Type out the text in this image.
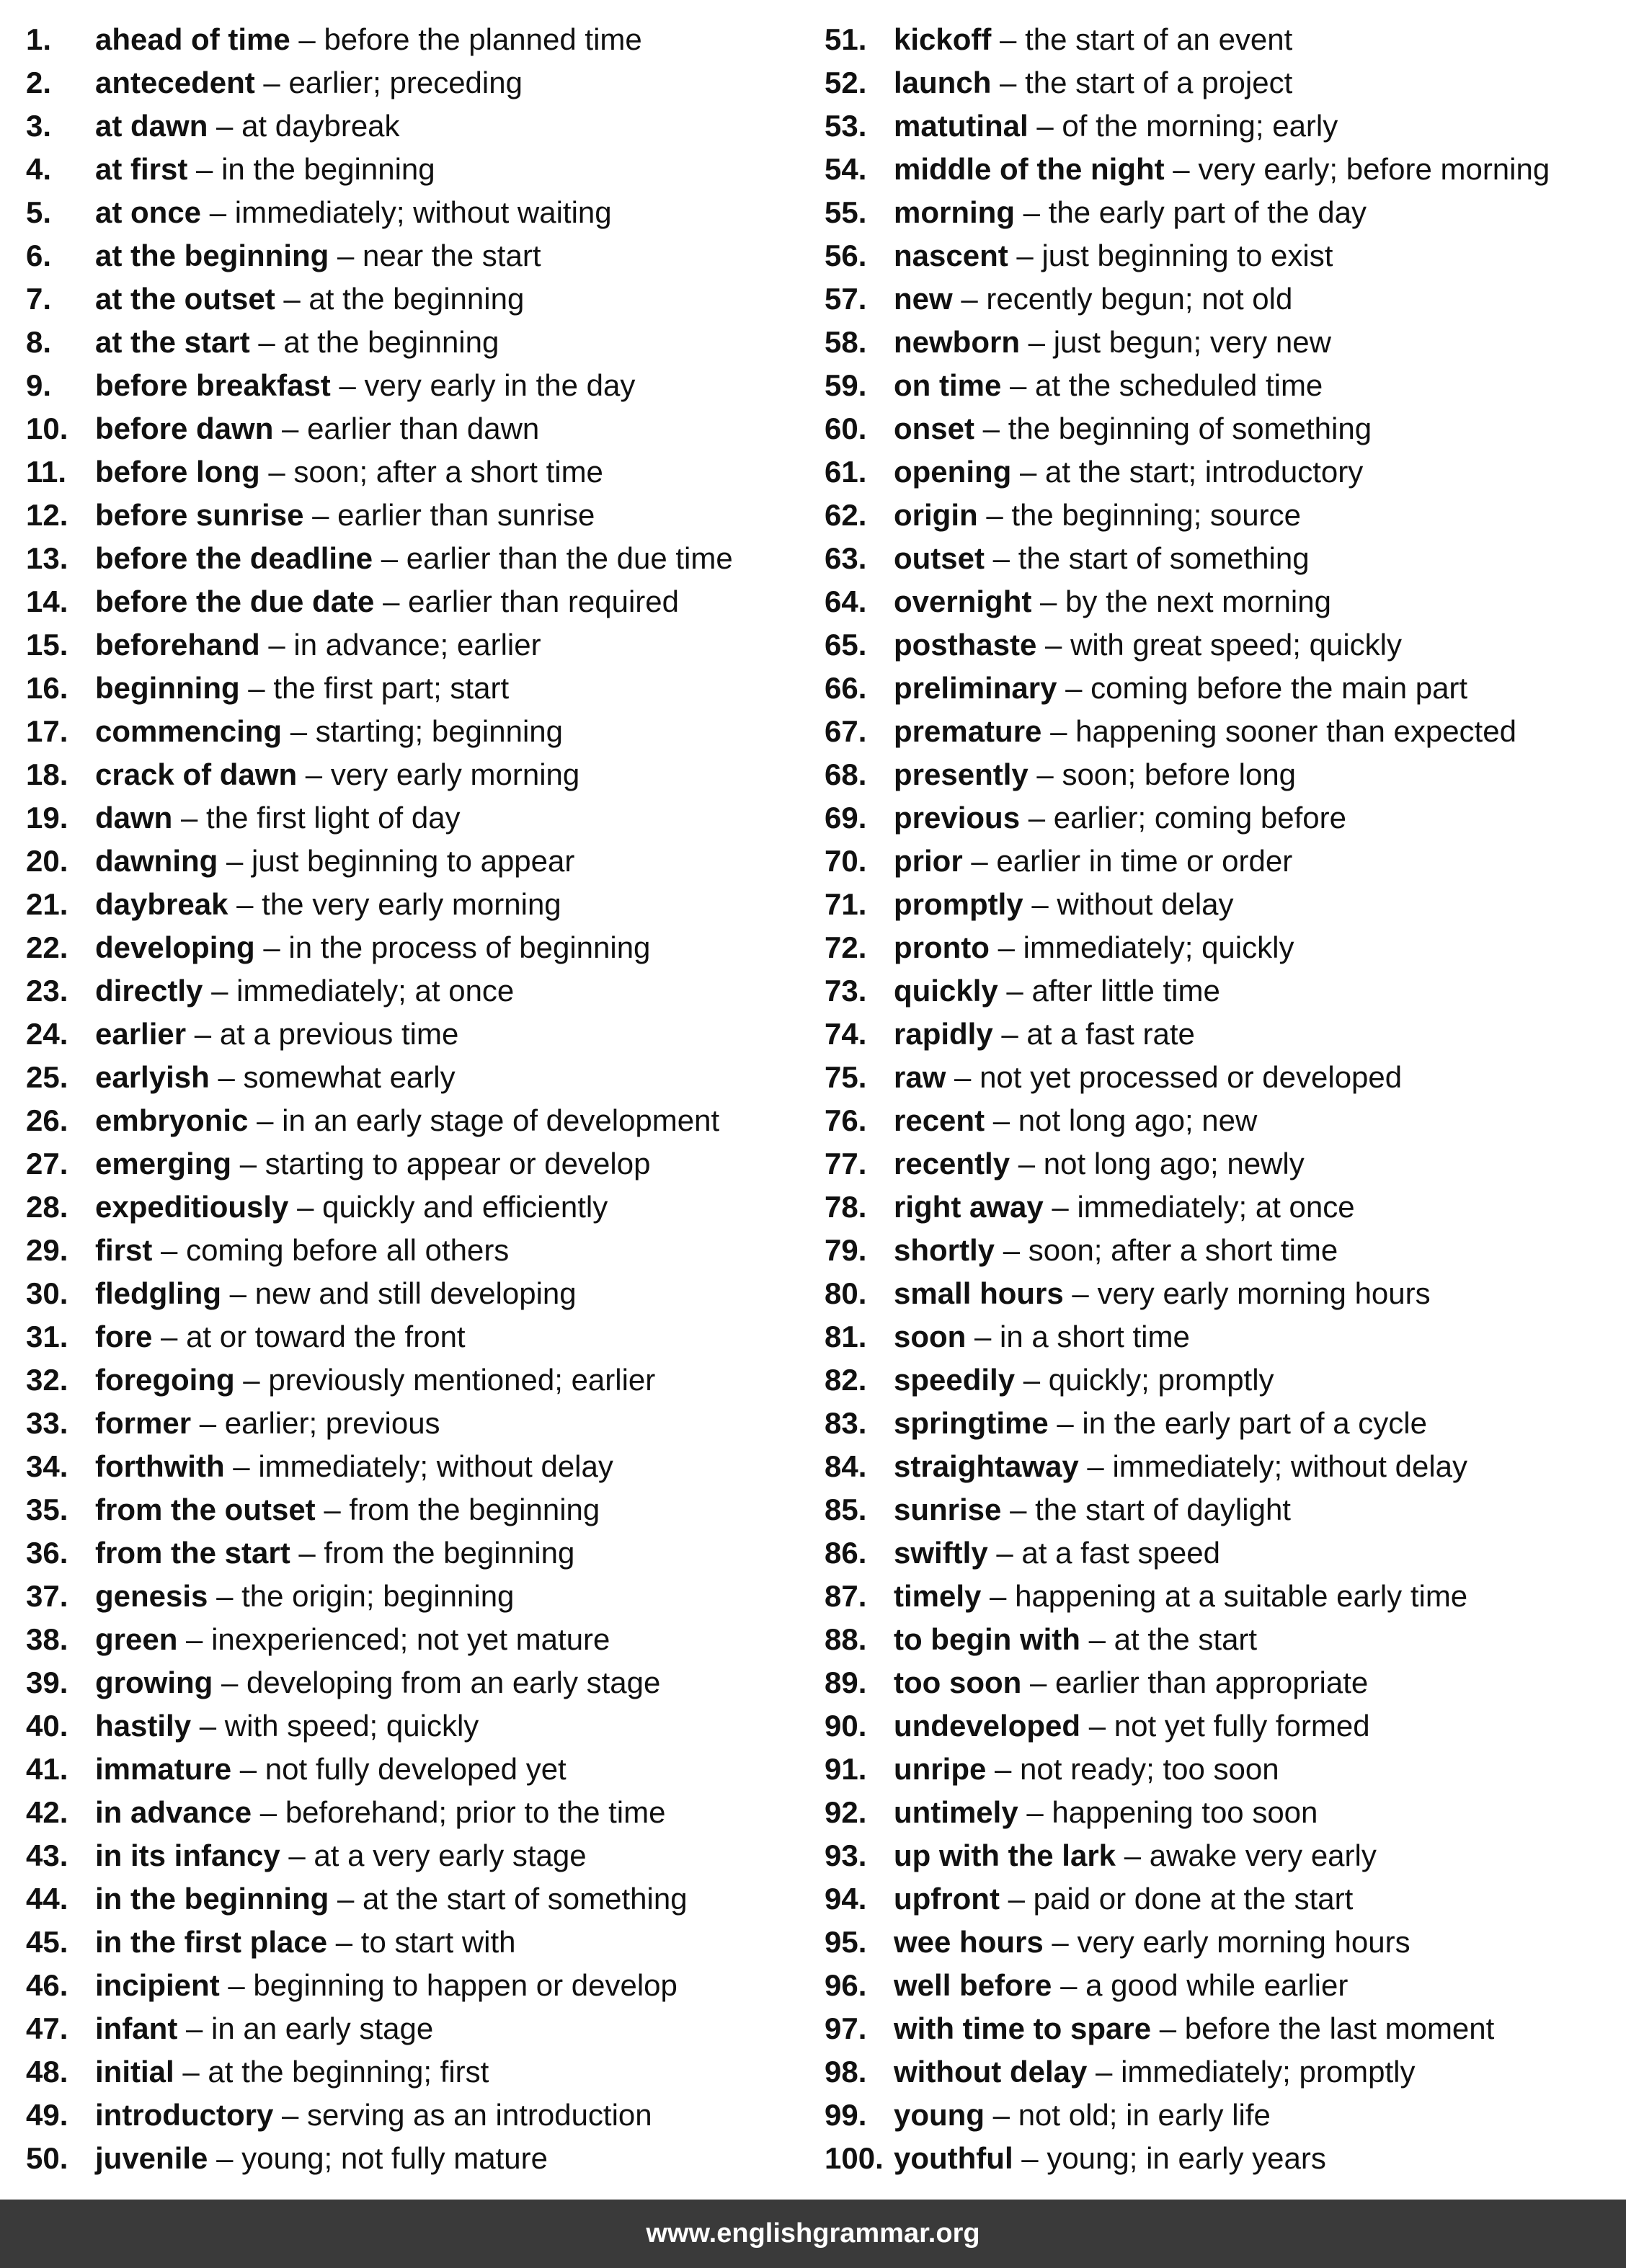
1.	ahead of time – before the planned time
2.	antecedent – earlier; preceding
3.	at dawn – at daybreak
4.	at first – in the beginning
5.	at once – immediately; without waiting
6.	at the beginning – near the start
7.	at the outset – at the beginning
8.	at the start – at the beginning
9.	before breakfast – very early in the day
10. before dawn – earlier than dawn
11. before long – soon; after a short time
12. before sunrise – earlier than sunrise
13. before the deadline – earlier than the due time
14. before the due date – earlier than required
15. beforehand – in advance; earlier
16. beginning – the first part; start
17. commencing – starting; beginning
18. crack of dawn – very early morning
19. dawn – the first light of day
20. dawning – just beginning to appear
21. daybreak – the very early morning
22. developing – in the process of beginning
23. directly – immediately; at once
24. earlier – at a previous time
25. earlyish – somewhat early
26. embryonic – in an early stage of development
27. emerging – starting to appear or develop
28. expeditiously – quickly and efficiently
29. first – coming before all others
30. fledgling – new and still developing
31. fore – at or toward the front
32. foregoing – previously mentioned; earlier
33. former – earlier; previous
34. forthwith – immediately; without delay
35. from the outset – from the beginning
36. from the start – from the beginning
37. genesis – the origin; beginning
38. green – inexperienced; not yet mature
39. growing – developing from an early stage
40. hastily – with speed; quickly
41. immature – not fully developed yet
42. in advance – beforehand; prior to the time
43. in its infancy – at a very early stage
44. in the beginning – at the start of something
45. in the first place – to start with
46. incipient – beginning to happen or develop
47. infant – in an early stage
48. initial – at the beginning; first
49. introductory – serving as an introduction
50. juvenile – young; not fully mature
51. kickoff – the start of an event
52. launch – the start of a project
53. matutinal – of the morning; early
54. middle of the night – very early; before morning
55. morning – the early part of the day
56. nascent – just beginning to exist
57. new – recently begun; not old
58. newborn – just begun; very new
59. on time – at the scheduled time
60. onset – the beginning of something
61. opening – at the start; introductory
62. origin – the beginning; source
63. outset – the start of something
64. overnight – by the next morning
65. posthaste – with great speed; quickly
66. preliminary – coming before the main part
67. premature – happening sooner than expected
68. presently – soon; before long
69. previous – earlier; coming before
70. prior – earlier in time or order
71. promptly – without delay
72. pronto – immediately; quickly
73. quickly – after little time
74. rapidly – at a fast rate
75. raw – not yet processed or developed
76. recent – not long ago; new
77. recently – not long ago; newly
78. right away – immediately; at once
79. shortly – soon; after a short time
80. small hours – very early morning hours
81. soon – in a short time
82. speedily – quickly; promptly
83. springtime – in the early part of a cycle
84. straightaway – immediately; without delay
85. sunrise – the start of daylight
86. swiftly – at a fast speed
87. timely – happening at a suitable early time
88. to begin with – at the start
89. too soon – earlier than appropriate
90. undeveloped – not yet fully formed
91. unripe – not ready; too soon
92. untimely – happening too soon
93. up with the lark – awake very early
94. upfront – paid or done at the start
95. wee hours – very early morning hours
96. well before – a good while earlier
97. with time to spare – before the last moment
98. without delay – immediately; promptly
99. young – not old; in early life
100. youthful – young; in early years
www.englishgrammar.org
